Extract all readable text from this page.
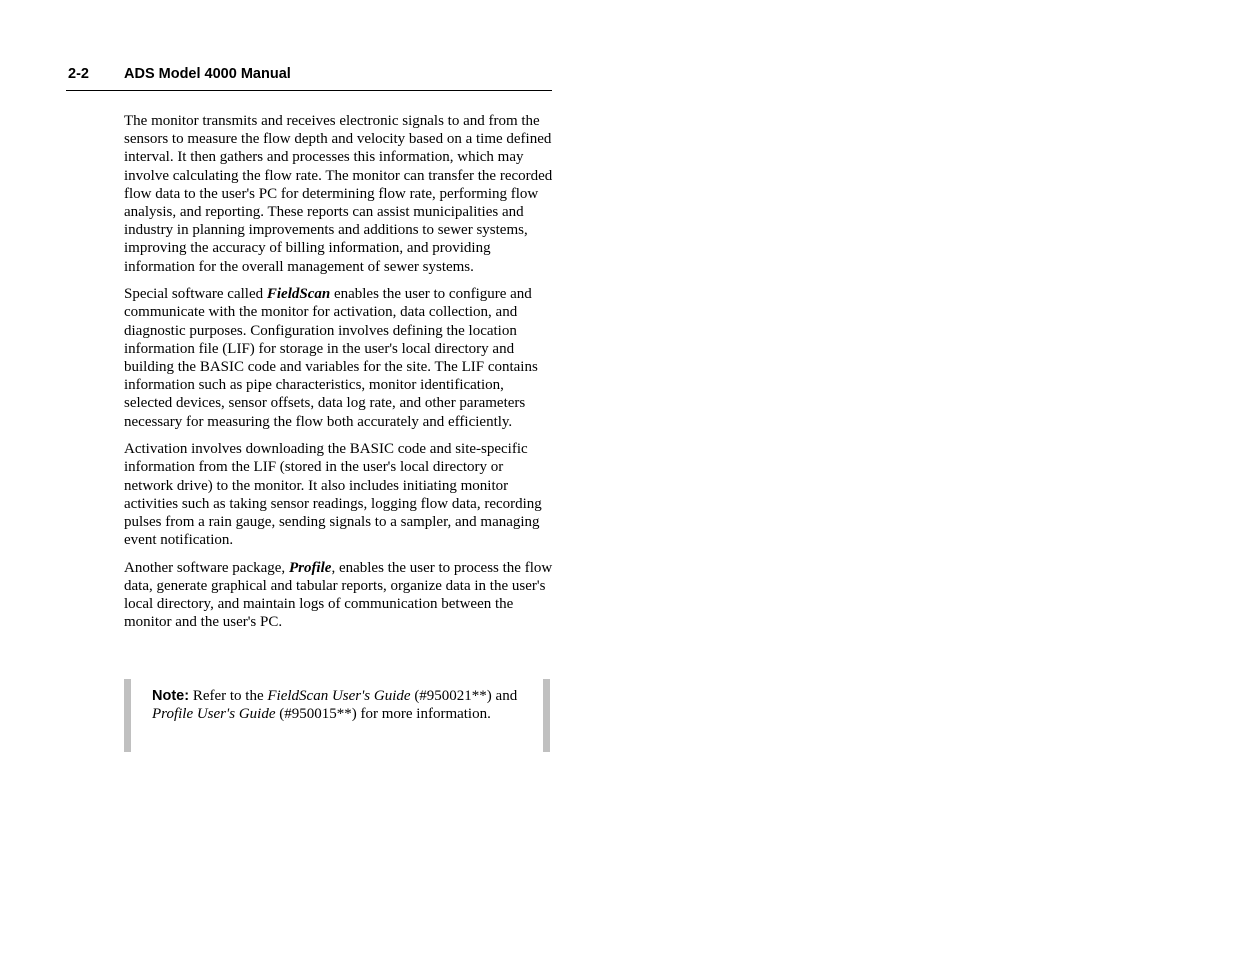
2-2 ADS Model 4000 Manual

The monitor transmits and receives electronic signals to and from the sensors to measure the flow depth and velocity based on a time defined interval. It then gathers and processes this information, which may involve calculating the flow rate. The monitor can transfer the recorded flow data to the user's PC for determining flow rate, performing flow analysis, and reporting. These reports can assist municipalities and industry in planning improvements and additions to sewer systems, improving the accuracy of billing information, and providing information for the overall management of sewer systems.

Special software called FieldScan enables the user to configure and communicate with the monitor for activation, data collection, and diagnostic purposes. Configuration involves defining the location information file (LIF) for storage in the user's local directory and building the BASIC code and variables for the site. The LIF contains information such as pipe characteristics, monitor identification, selected devices, sensor offsets, data log rate, and other parameters necessary for measuring the flow both accurately and efficiently.

Activation involves downloading the BASIC code and site-specific information from the LIF (stored in the user's local directory or network drive) to the monitor. It also includes initiating monitor activities such as taking sensor readings, logging flow data, recording pulses from a rain gauge, sending signals to a sampler, and managing event notification.

Another software package, Profile, enables the user to process the flow data, generate graphical and tabular reports, organize data in the user's local directory, and maintain logs of communication between the monitor and the user's PC.

Note: Refer to the FieldScan User's Guide (#950021**) and Profile User's Guide (#950015**) for more information.
